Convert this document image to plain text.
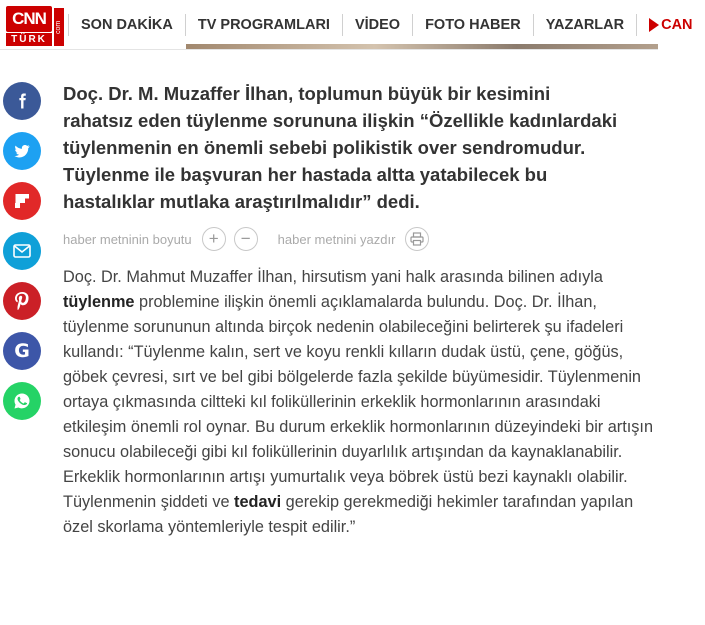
CNN
TÜRK
com	SON DAKİKA	TV PROGRAMLARI	VİDEO	FOTO HABER	YAZARLAR	CAN
G
Doç. Dr. M. Muzaffer İlhan, toplumun büyük bir kesimini rahatsız eden tüylenme sorununa ilişkin “Özellikle kadınlardaki tüylenmenin en önemli sebebi polikistik over sendromudur. Tüylenme ile başvuran her hastada altta yatabilecek bu hastalıklar mutlaka araştırılmalıdır” dedi.
haber metninin boyutu + − haber metnini yazdır
Doç. Dr. Mahmut Muzaffer İlhan, hirsutism yani halk arasında bilinen adıyla tüylenme problemine ilişkin önemli açıklamalarda bulundu. Doç. Dr. İlhan, tüylenme sorununun altında birçok nedenin olabileceğini belirterek şu ifadeleri kullandı: “Tüylenme kalın, sert ve koyu renkli kılların dudak üstü, çene, göğüs, göbek çevresi, sırt ve bel gibi bölgelerde fazla şekilde büyümesidir. Tüylenmenin ortaya çıkmasında ciltteki kıl foliküllerinin erkeklik hormonlarının arasındaki etkileşim önemli rol oynar. Bu durum erkeklik hormonlarının düzeyindeki bir artışın sonucu olabileceği gibi kıl foliküllerinin duyarlılık artışından da kaynaklanabilir. Erkeklik hormonlarının artışı yumurtalık veya böbrek üstü bezi kaynaklı olabilir. Tüylenmenin şiddeti ve tedavi gerekip gerekmediği hekimler tarafından yapılan özel skorlama yöntemleriyle tespit edilir.”
